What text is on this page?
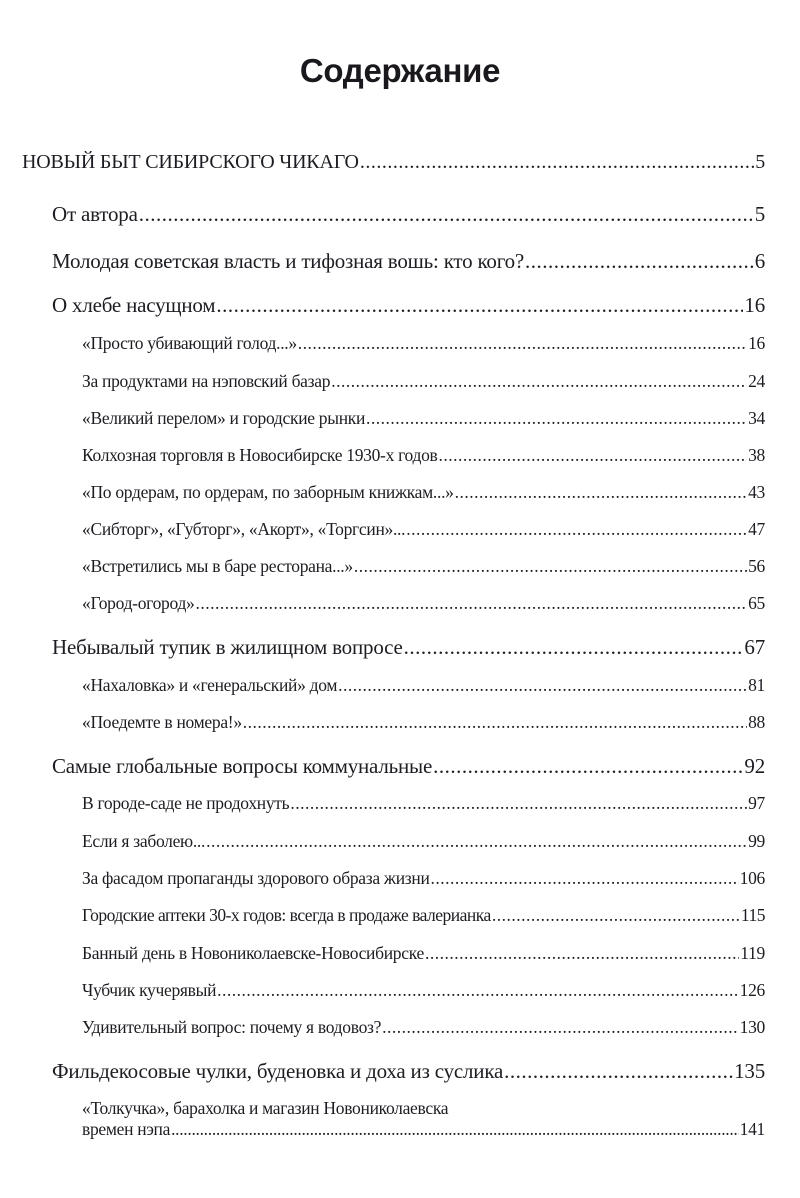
Содержание
НОВЫЙ БЫТ СИБИРСКОГО ЧИКАГО .....	5
От автора .....	5
Молодая советская власть и тифозная вошь: кто кого? .....	6
О хлебе насущном .....	16
«Просто убивающий голод...» .....	16
За продуктами на нэповский базар .....	24
«Великий перелом» и городские рынки .....	34
Колхозная торговля в Новосибирске 1930-х годов .....	38
«По ордерам, по ордерам, по заборным книжкам...» .....	43
«Сибторг», «Губторг», «Акорт», «Торгсин»... .....	47
«Встретились мы в баре ресторана...» .....	56
«Город-огород» .....	65
Небывалый тупик в жилищном вопросе .....	67
«Нахаловка» и «генеральский» дом .....	81
«Поедемте в номера!» .....	88
Самые глобальные вопросы коммунальные .....	92
В городе-саде не продохнуть .....	97
Если я заболею... .....	99
За фасадом пропаганды здорового образа жизни .....	106
Городские аптеки 30-х годов: всегда в продаже валерианка .....	115
Банный день в Новониколаевске-Новосибирске .....	119
Чубчик кучерявый .....	126
Удивительный вопрос: почему я водовоз? .....	130
Фильдекосовые чулки, буденовка и доха из суслика .....	135
«Толкучка», барахолка и магазин Новониколаевска
времен нэпа .....	141
